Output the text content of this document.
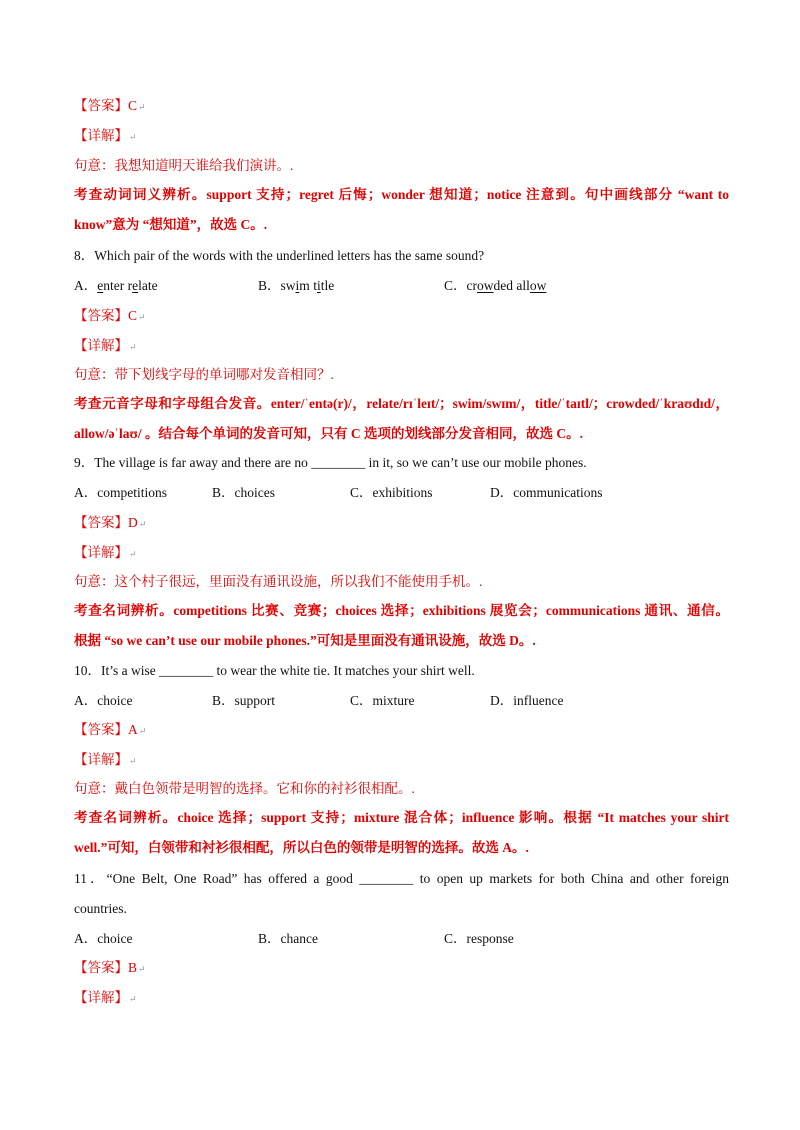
【答案】C↵
【详解】↵
句意：我想知道明天谁给我们演讲。.
考查动词词义辨析。support 支持；regret 后悔；wonder 想知道；notice 注意到。句中画线部分 “want to
know”意为 “想知道”，故选 C。.
8．Which pair of the words with the underlined letters has the same sound?
A．enter relate	B．swim title	C．crowded allow
【答案】C↵
【详解】↵
句意：带下划线字母的单词哪对发音相同？.
考查元音字母和字母组合发音。enter/ˈentə(r)/，relate/rɪˈleɪt/；swim/swɪm/，title/ˈtaɪtl/；crowded/ˈkraʊdɪd/，
allow/əˈlaʊ/ 。结合每个单词的发音可知，只有 C 选项的划线部分发音相同，故选 C。.
9．The village is far away and there are no ________ in it, so we can’t use our mobile phones.
A．competitions	B．choices	C．exhibitions	D．communications
【答案】D↵
【详解】↵
句意：这个村子很远，里面没有通讯设施，所以我们不能使用手机。.
考查名词辨析。competitions 比赛、竞赛；choices 选择；exhibitions 展览会；communications 通讯、通信。
根据 “so we can’t use our mobile phones.”可知是里面没有通讯设施，故选 D。.
10．It’s a wise ________ to wear the white tie. It matches your shirt well.
A．choice	B．support	C．mixture	D．influence
【答案】A↵
【详解】↵
句意：戴白色领带是明智的选择。它和你的衬衫很相配。.
考查名词辨析。choice 选择；support 支持；mixture 混合体；influence 影响。根据 “It matches your shirt
well.”可知，白领带和衬衫很相配，所以白色的领带是明智的选择。故选 A。.
11．“One Belt, One Road” has offered a good ________ to open up markets for both China and other foreign
countries.
A．choice	B．chance	C．response
【答案】B↵
【详解】↵
